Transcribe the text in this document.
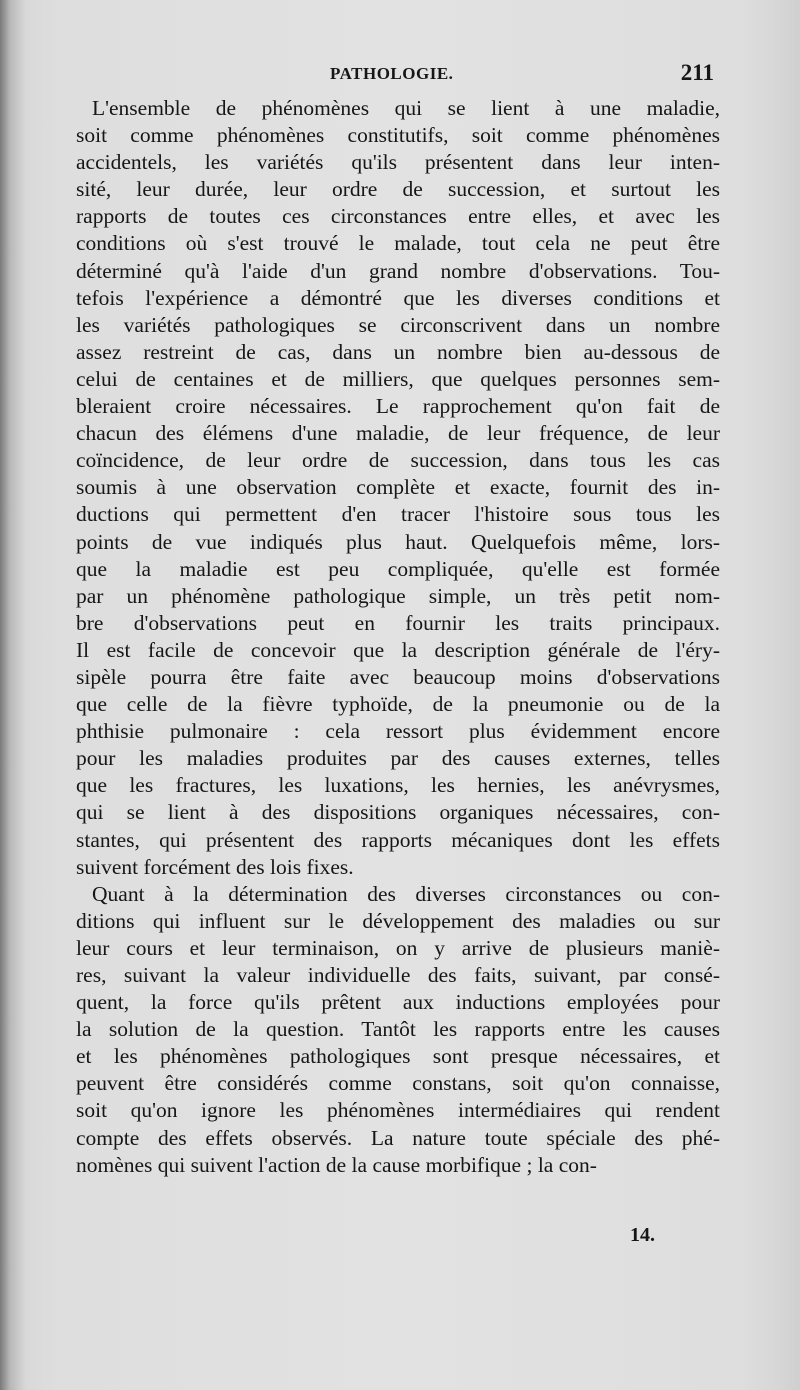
PATHOLOGIE.	211
L'ensemble de phénomènes qui se lient à une maladie,
soit comme phénomènes constitutifs, soit comme phénomènes
accidentels, les variétés qu'ils présentent dans leur inten-
sité, leur durée, leur ordre de succession, et surtout les
rapports de toutes ces circonstances entre elles, et avec les
conditions où s'est trouvé le malade, tout cela ne peut être
déterminé qu'à l'aide d'un grand nombre d'observations. Tou-
tefois l'expérience a démontré que les diverses conditions et
les variétés pathologiques se circonscrivent dans un nombre
assez restreint de cas, dans un nombre bien au-dessous de
celui de centaines et de milliers, que quelques personnes sem-
bleraient croire nécessaires. Le rapprochement qu'on fait de
chacun des élémens d'une maladie, de leur fréquence, de leur
coïncidence, de leur ordre de succession, dans tous les cas
soumis à une observation complète et exacte, fournit des in-
ductions qui permettent d'en tracer l'histoire sous tous les
points de vue indiqués plus haut. Quelquefois même, lors-
que la maladie est peu compliquée, qu'elle est formée
par un phénomène pathologique simple, un très petit nom-
bre d'observations peut en fournir les traits principaux.
Il est facile de concevoir que la description générale de l'éry-
sipèle pourra être faite avec beaucoup moins d'observations
que celle de la fièvre typhoïde, de la pneumonie ou de la
phthisie pulmonaire : cela ressort plus évidemment encore
pour les maladies produites par des causes externes, telles
que les fractures, les luxations, les hernies, les anévrysmes,
qui se lient à des dispositions organiques nécessaires, con-
stantes, qui présentent des rapports mécaniques dont les effets
suivent forcément des lois fixes.
Quant à la détermination des diverses circonstances ou con-
ditions qui influent sur le développement des maladies ou sur
leur cours et leur terminaison, on y arrive de plusieurs maniè-
res, suivant la valeur individuelle des faits, suivant, par consé-
quent, la force qu'ils prêtent aux inductions employées pour
la solution de la question. Tantôt les rapports entre les causes
et les phénomènes pathologiques sont presque nécessaires, et
peuvent être considérés comme constans, soit qu'on connaisse,
soit qu'on ignore les phénomènes intermédiaires qui rendent
compte des effets observés. La nature toute spéciale des phé-
nomènes qui suivent l'action de la cause morbifique ; la con-
14.
